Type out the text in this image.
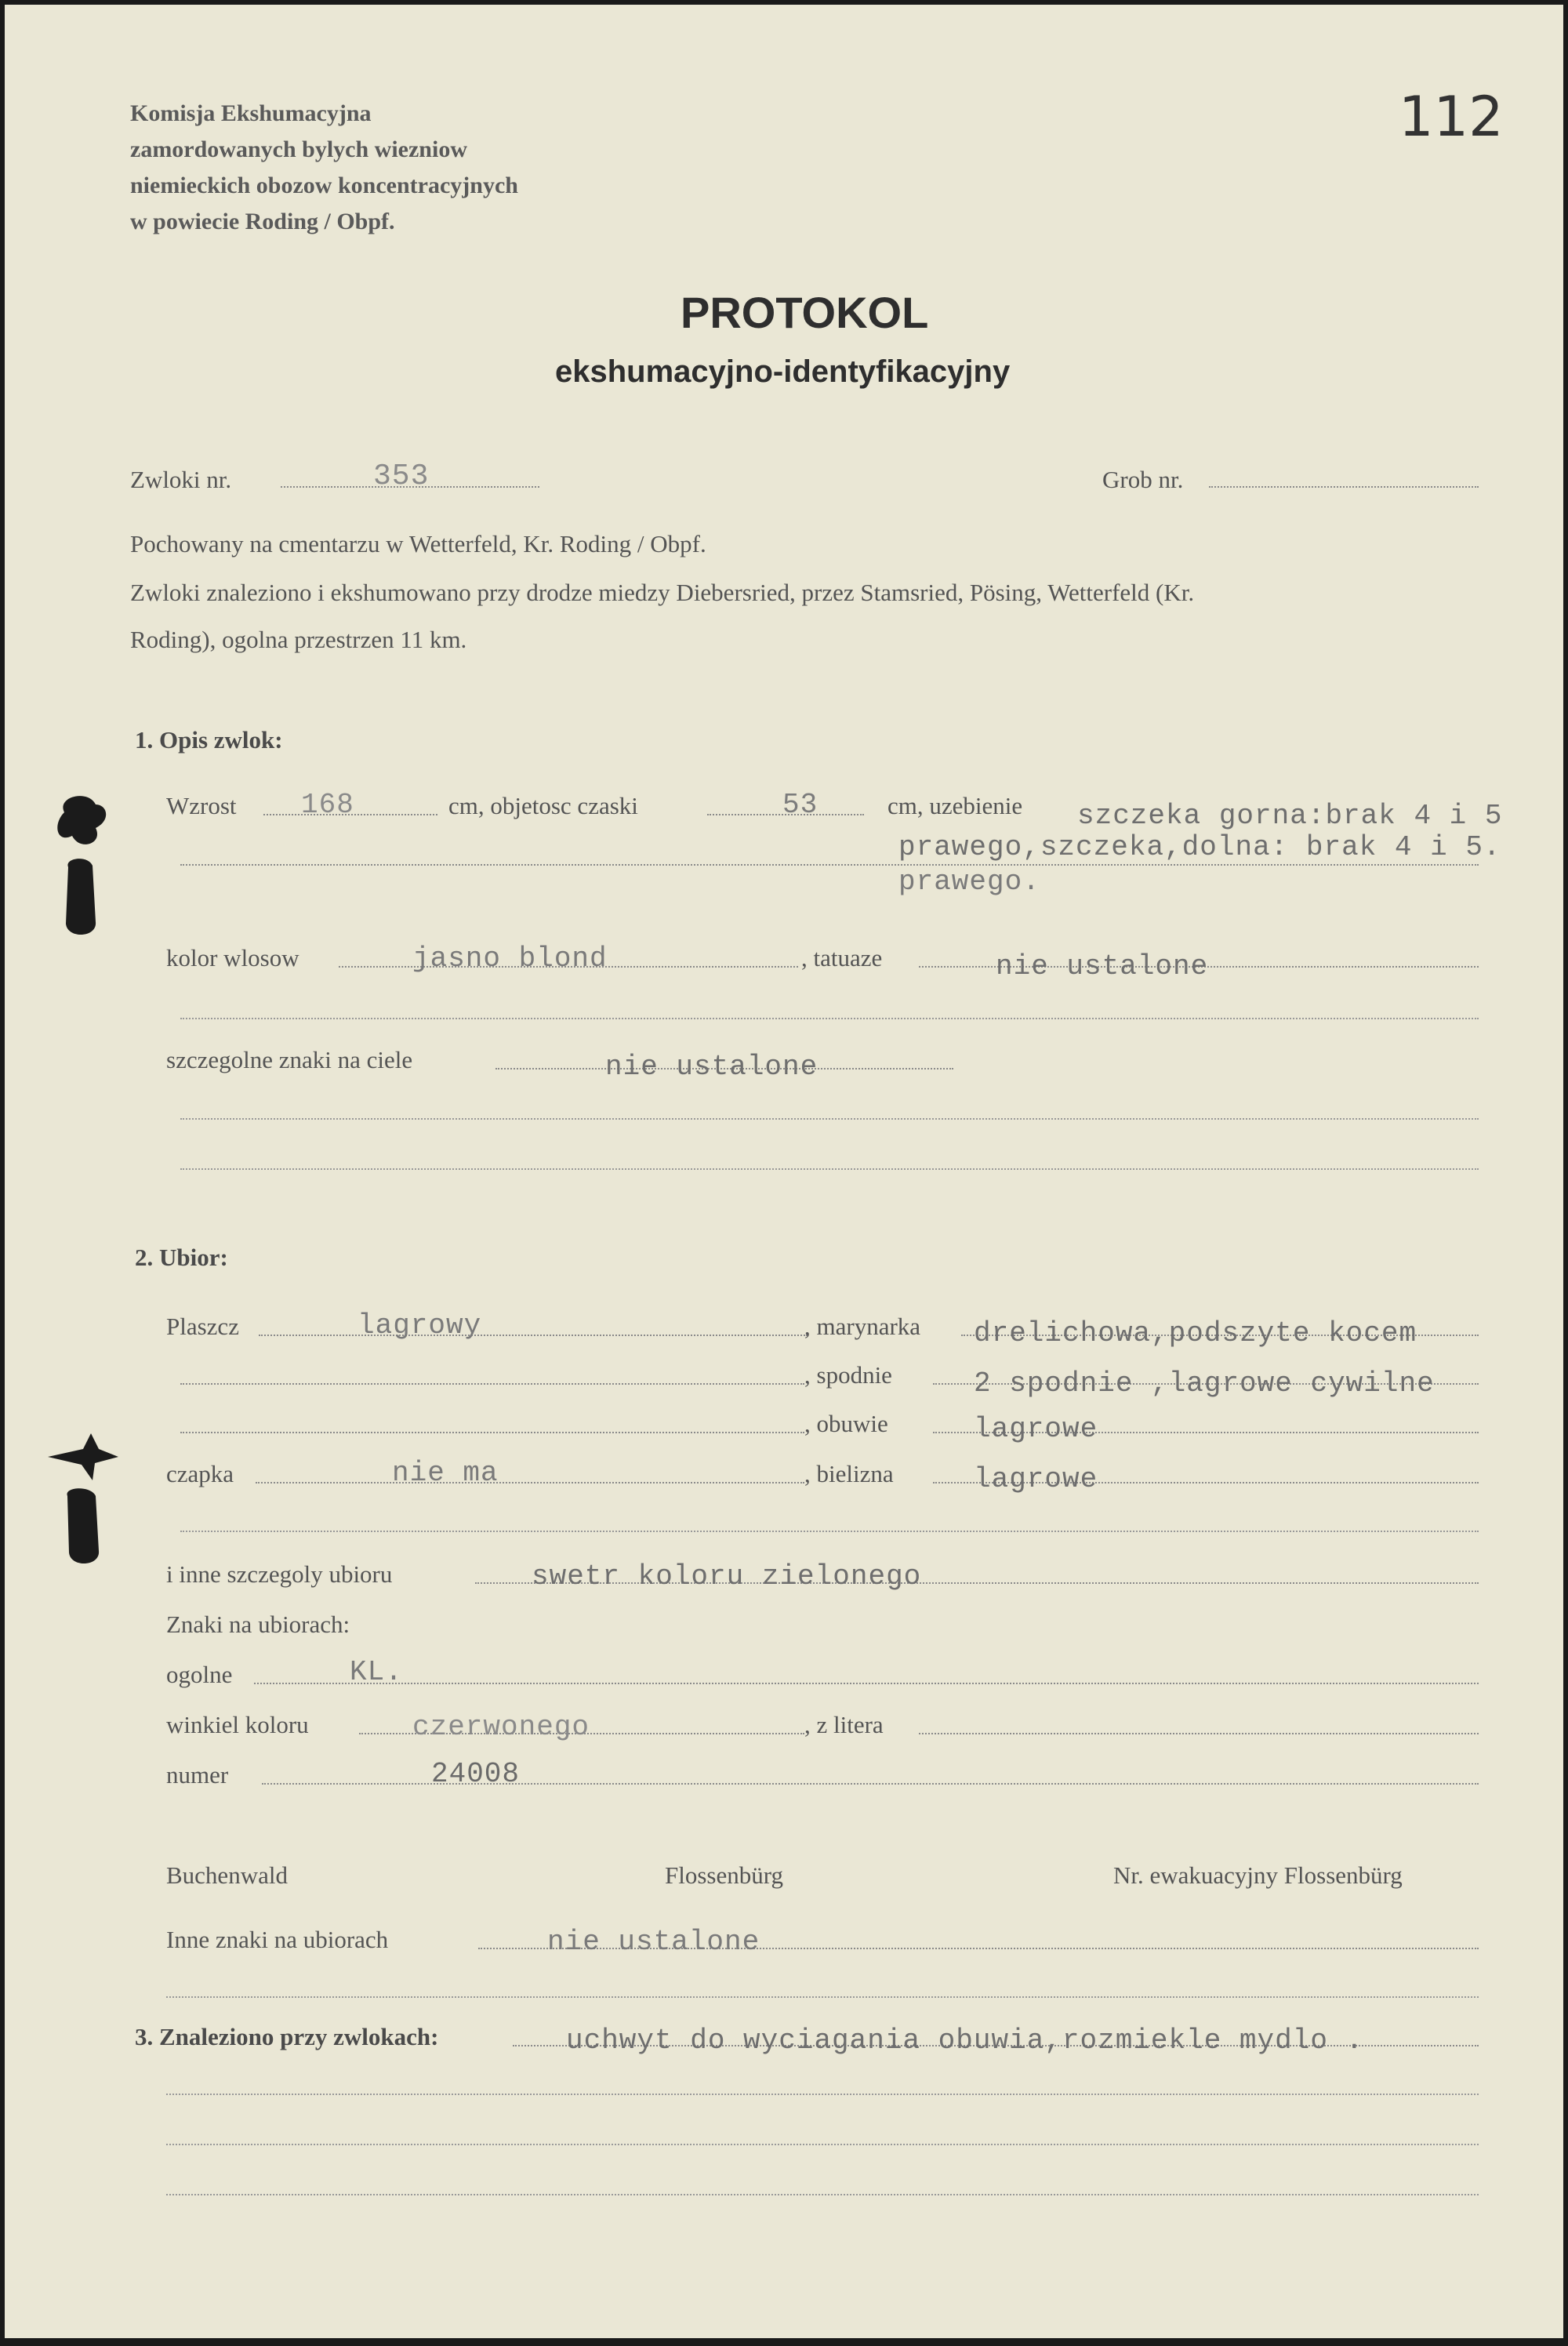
Komisja Ekshumacyjna
zamordowanych bylych wiezniow
niemieckich obozow koncentracyjnych
w powiecie Roding / Obpf.
112
PROTOKOL
ekshumacyjno-identyfikacyjny
Zwloki nr.	353	Grob nr.
Pochowany na cmentarzu w Wetterfeld, Kr. Roding / Obpf.
Zwloki znaleziono i ekshumowano przy drodze miedzy Diebersried, przez Stamsried, Pösing, Wetterfeld (Kr.
Roding), ogolna przestrzen 11 km.
1. Opis zwlok:
Wzrost 168	cm, objetosc czaski	53	cm, uzebienie szczeka gorna:brak 4 i 5
prawego,szczeka,dolna: brak 4 i 5.
prawego.
kolor wlosow	jasno blond	, tatuaze	nie ustalone
szczegolne znaki na ciele	nie ustalone
2. Ubior:
Plaszcz	lagrowy	, marynarka drelichowa,podszyte kocem
, spodnie	2 spodnie ,lagrowe cywilne
, obuwie	lagrowe
czapka	nie ma	, bielizna	lagrowe
i inne szczegoly ubioru	swetr koloru zielonego
Znaki na ubiorach:
ogolne	KL.
winkiel koloru	czerwonego	, z litera
numer	24008
Buchenwald	Flossenbürg	Nr. ewakuacyjny Flossenbürg
Inne znaki na ubiorach	nie ustalone
3. Znaleziono przy zwlokach:	uchwyt do wyciagania obuwia,rozmiekle mydlo .
